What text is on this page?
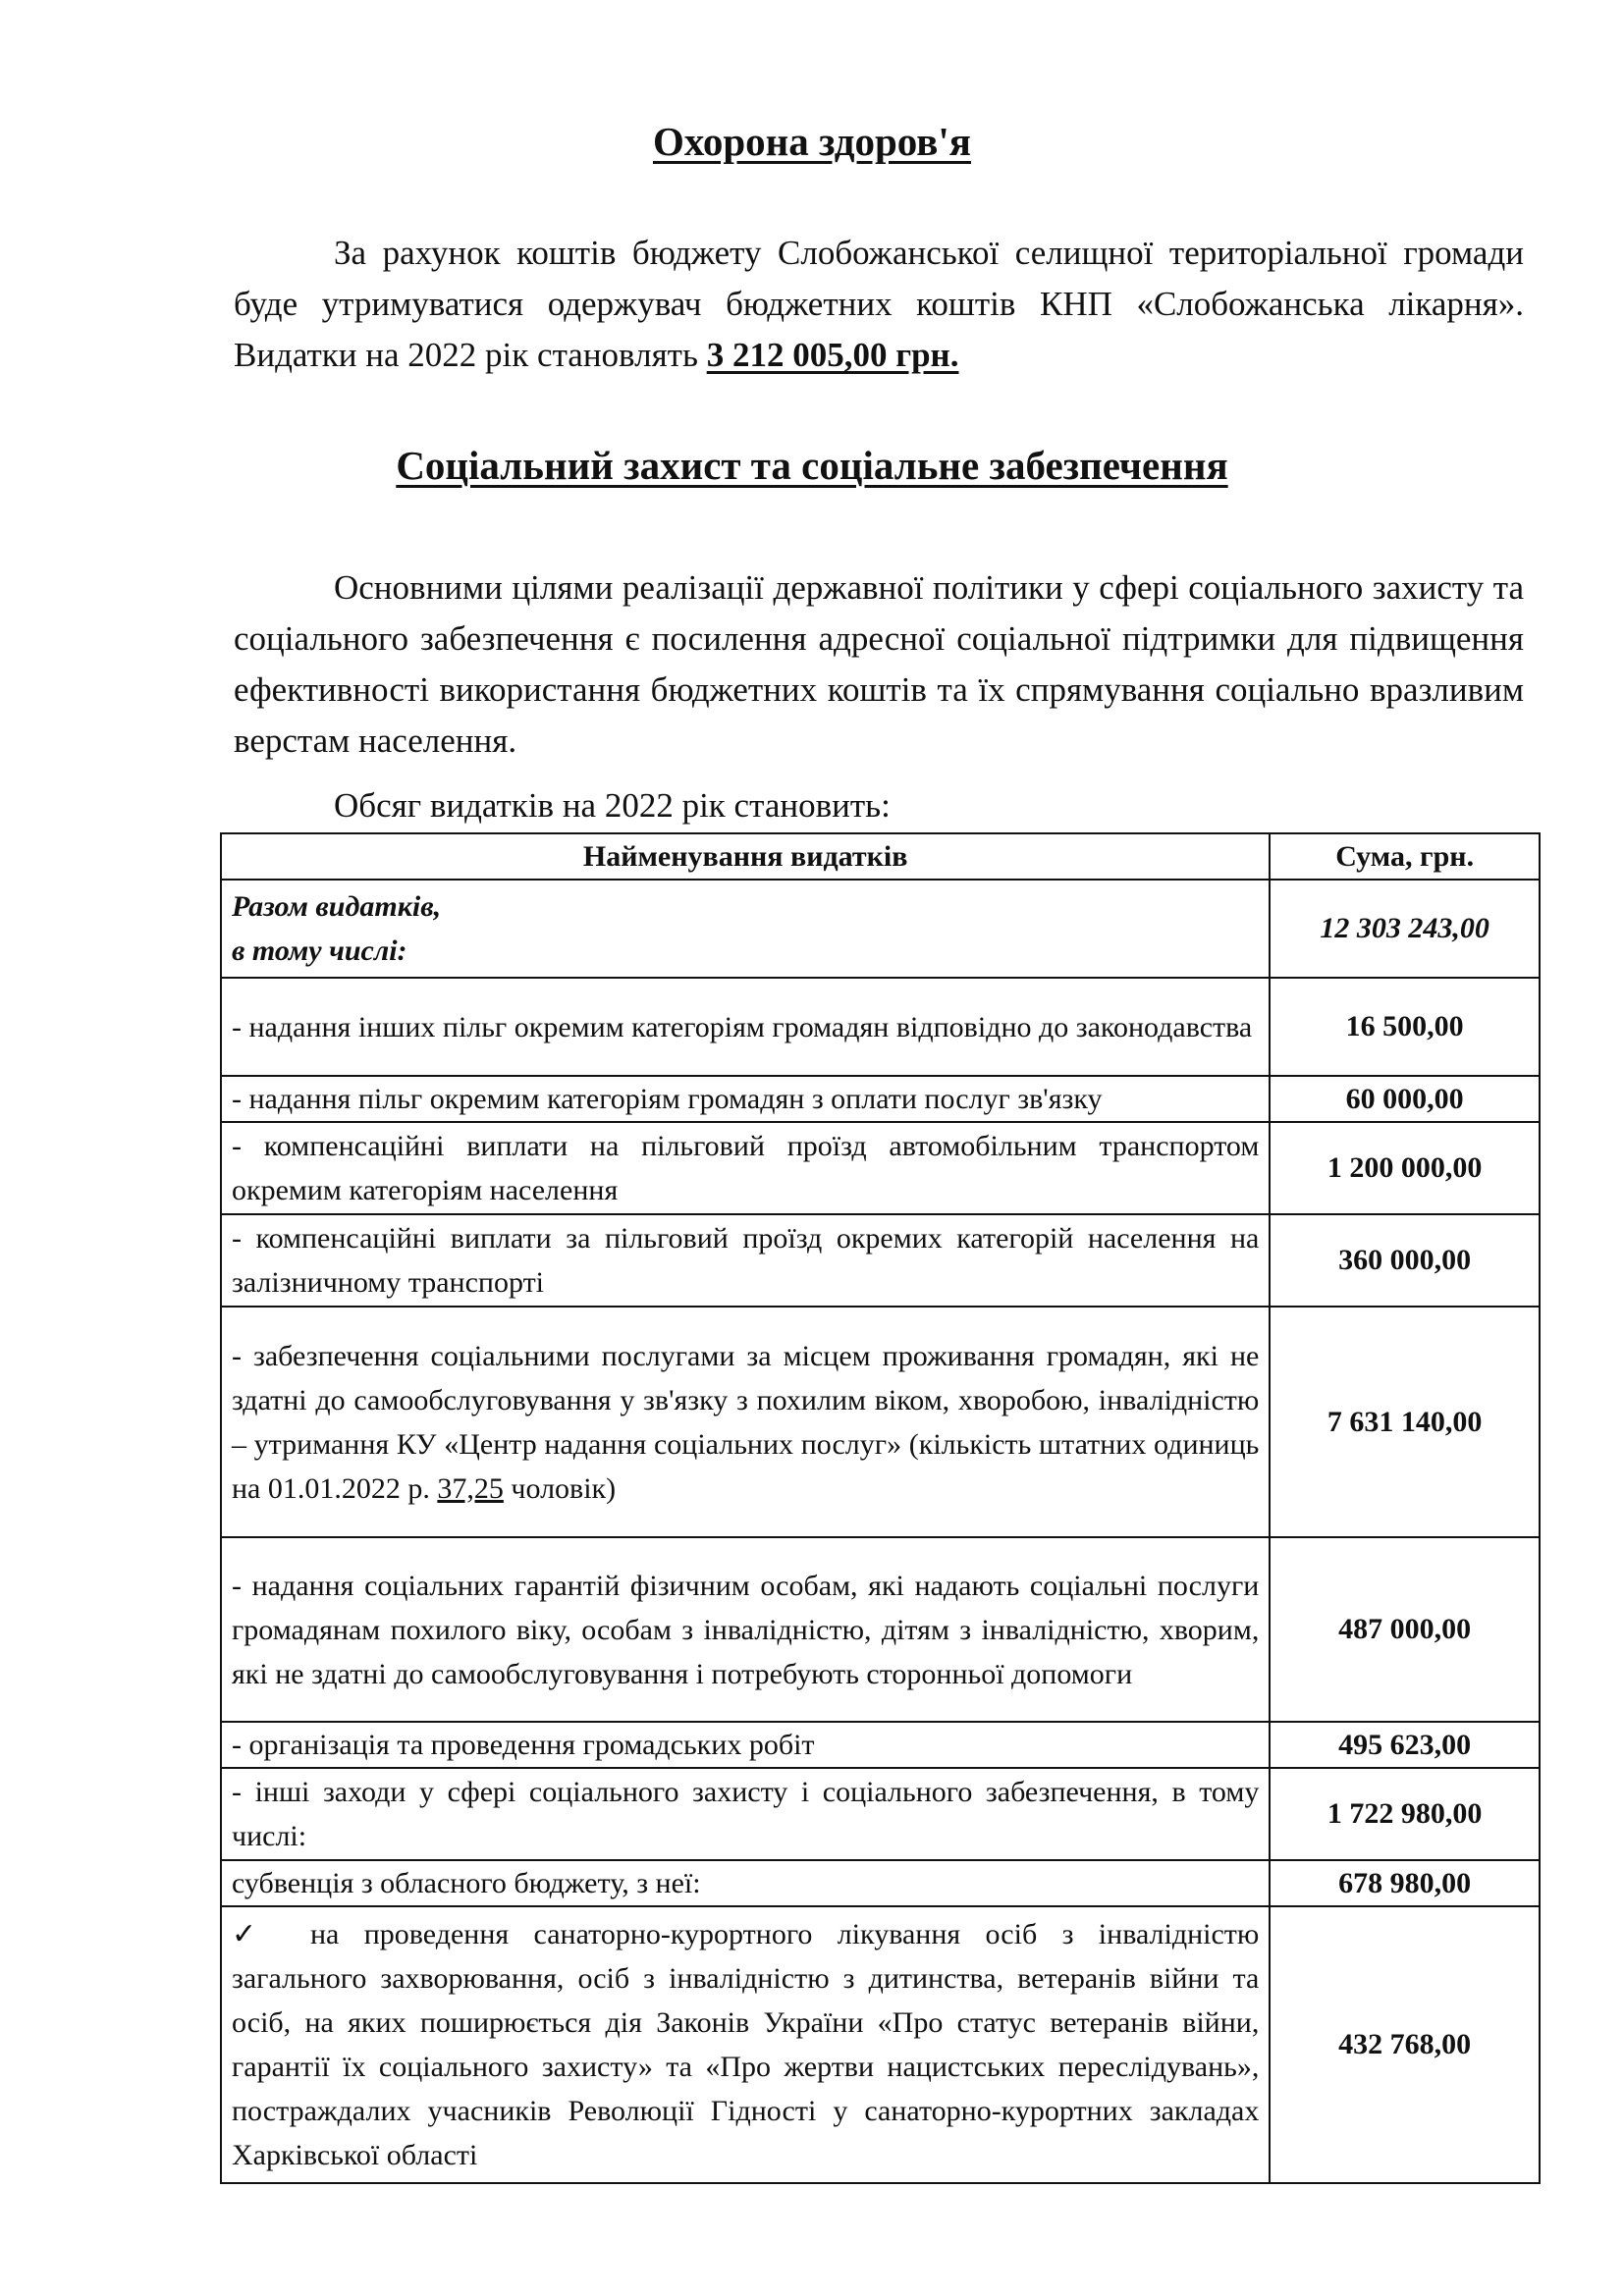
Охорона здоров'я

За рахунок коштів бюджету Слобожанської селищної територіальної громади буде утримуватися одержувач бюджетних коштів КНП «Слобожанська лікарня». Видатки на 2022 рік становлять 3 212 005,00 грн.

Соціальний захист та соціальне забезпечення

Основними цілями реалізації державної політики у сфері соціального захисту та соціального забезпечення є посилення адресної соціальної підтримки для підвищення ефективності використання бюджетних коштів та їх спрямування соціально вразливим верстам населення.

Обсяг видатків на 2022 рік становить:
Найменування видатків	Сума, грн.
Разом видатків,
в тому числі:	12 303 243,00
- надання інших пільг окремим категоріям громадян відповідно до законодавства	16 500,00
- надання пільг окремим категоріям громадян з оплати послуг зв'язку	60 000,00
- компенсаційні виплати на пільговий проїзд автомобільним транспортом окремим категоріям населення	1 200 000,00
- компенсаційні виплати за пільговий проїзд окремих категорій населення на залізничному транспорті	360 000,00
- забезпечення соціальними послугами за місцем проживання громадян, які не здатні до самообслуговування у зв'язку з похилим віком, хворобою, інвалідністю – утримання КУ «Центр надання соціальних послуг» (кількість штатних одиниць на 01.01.2022 р. 37,25 чоловік)	7 631 140,00
- надання соціальних гарантій фізичним особам, які надають соціальні послуги громадянам похилого віку, особам з інвалідністю, дітям з інвалідністю, хворим, які не здатні до самообслуговування і потребують сторонньої допомоги	487 000,00
- організація та проведення громадських робіт	495 623,00
- інші заходи у сфері соціального захисту і соціального забезпечення, в тому числі:	1 722 980,00
субвенція з обласного бюджету, з неї:	678 980,00
✓ на проведення санаторно-курортного лікування осіб з інвалідністю загального захворювання, осіб з інвалідністю з дитинства, ветеранів війни та осіб, на яких поширюється дія Законів України «Про статус ветеранів війни, гарантії їх соціального захисту» та «Про жертви нацистських переслідувань», постраждалих учасників Революції Гідності у санаторно-курортних закладах Харківської області	432 768,00
